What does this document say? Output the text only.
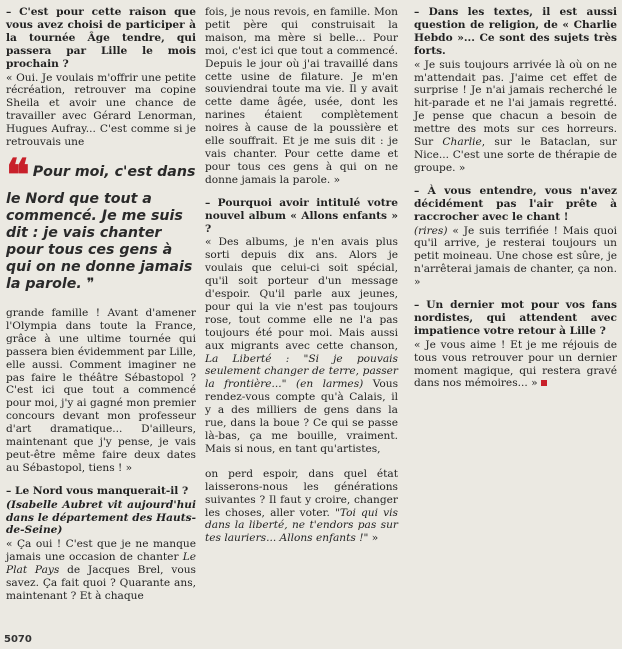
– C'est pour cette raison que vous avez choisi de participer à la tournée Âge tendre, qui passera par Lille le mois prochain ?

« Oui. Je voulais m'offrir une petite récréation, retrouver ma copine Sheila et avoir une chance de travailler avec Gérard Lenorman, Hugues Aufray... C'est comme si je retrouvais une

❝ Pour moi, c'est dans le Nord que tout a commencé. Je me suis dit : je vais chanter pour tous ces gens à qui on ne donne jamais la parole. ❞

grande famille ! Avant d'amener l'Olympia dans toute la France, grâce à une ultime tournée qui passera bien évidemment par Lille, elle aussi. Comment imaginer ne pas faire le théâtre Sébastopol ? C'est ici que tout a commencé pour moi, j'y ai gagné mon premier concours devant mon professeur d'art dramatique... D'ailleurs, maintenant que j'y pense, je vais peut-être même faire deux dates au Sébastopol, tiens ! »

– Le Nord vous manquerait-il ?

(Isabelle Aubret vit aujourd'hui dans le département des Hauts-de-Seine)

« Ça oui ! C'est que je ne manque jamais une occasion de chanter Le Plat Pays de Jacques Brel, vous savez. Ça fait quoi ? Quarante ans, maintenant ? Et à chaque

fois, je nous revois, en famille. Mon petit père qui construisait la maison, ma mère si belle... Pour moi, c'est ici que tout a commencé. Depuis le jour où j'ai travaillé dans cette usine de filature. Je m'en souviendrai toute ma vie. Il y avait cette dame âgée, usée, dont les narines étaient complètement noires à cause de la poussière et elle souffrait. Et je me suis dit : je vais chanter. Pour cette dame et pour tous ces gens à qui on ne donne jamais la parole. »

– Pourquoi avoir intitulé votre nouvel album « Allons enfants » ?

« Des albums, je n'en avais plus sorti depuis dix ans. Alors je voulais que celui-ci soit spécial, qu'il soit porteur d'un message d'espoir. Qu'il parle aux jeunes, pour qui la vie n'est pas toujours rose, tout comme elle ne l'a pas toujours été pour moi. Mais aussi aux migrants avec cette chanson, La Liberté : "Si je pouvais seulement changer de terre, passer la frontière..." (en larmes) Vous rendez-vous compte qu'à Calais, il y a des milliers de gens dans la rue, dans la boue ? Ce qui se passe là-bas, ça me bouille, vraiment. Mais si nous, en tant qu'artistes,

on perd espoir, dans quel état laisserons-nous les générations suivantes ? Il faut y croire, changer les choses, aller voter. "Toi qui vis dans la liberté, ne t'endors pas sur tes lauriers... Allons enfants !" »

– Dans les textes, il est aussi question de religion, de « Charlie Hebdo »... Ce sont des sujets très forts.

« Je suis toujours arrivée là où on ne m'attendait pas. J'aime cet effet de surprise ! Je n'ai jamais recherché le hit-parade et ne l'ai jamais regretté. Je pense que chacun a besoin de mettre des mots sur ces horreurs. Sur Charlie, sur le Bataclan, sur Nice... C'est une sorte de thérapie de groupe. »

– À vous entendre, vous n'avez décidément pas l'air prête à raccrocher avec le chant !

(rires) « Je suis terrifiée ! Mais quoi qu'il arrive, je resterai toujours un petit moineau. Une chose est sûre, je n'arrêterai jamais de chanter, ça non. »

– Un dernier mot pour vos fans nordistes, qui attendent avec impatience votre retour à Lille ?

« Je vous aime ! Et je me réjouis de tous vous retrouver pour un dernier moment magique, qui restera gravé dans nos mémoires... »

5070
